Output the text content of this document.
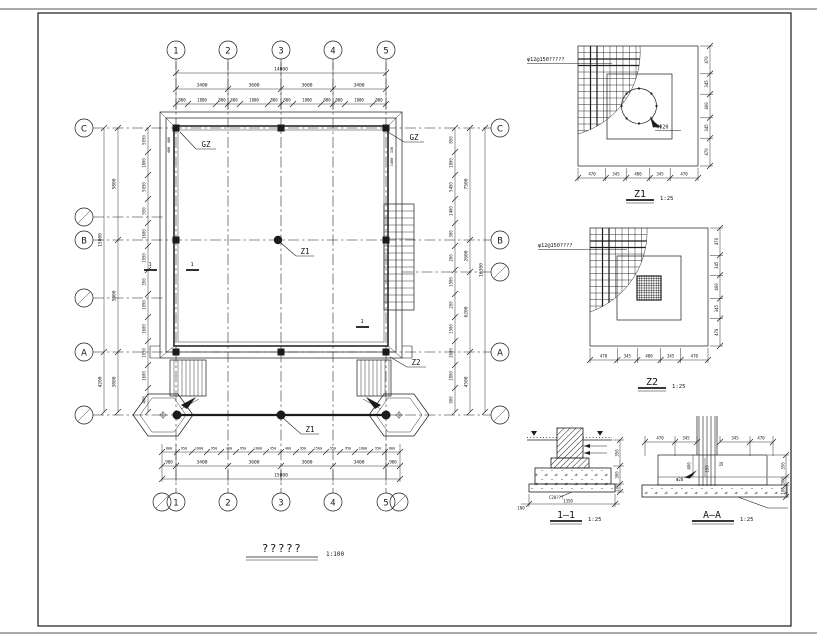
1	2	3	4	5
1	2	3	4	5
C
B
A
C
B
A
14000
3400	3600	3600	3400
800	1800	800 400	1800	800 800	1800	800 800	1800	800
800 950 1800 950 400 950 1800 950 400 950 1500 950 950 1800 950 800
900	3400	3600	3600	3400	900
15800
5050
1800
5050
550
1600
1050
350
1050
1600
1050
1600
400
5800
5900
3800
15000
4200
850
1800
5450
1400
300
200
1500
200
1500
2600
1800
900
7500
2600
6200
4500
16300
GZ
GZ
Z1
Z2
Z1
1	1
1
400
400	130
1400
φ12@150?????
4Φ20
470	345	400	345	470
470
345
400
345
470
Z1 1:25
φ12@150????
470	345	400	345	470
470
345
400
345
470
Z2 1:25
C20???
1350
100
350
300
100
1—1 1:25
470	345	345	470
400
Φ20
150
50	350
300
100
A—A	1:25
?????	1:100
